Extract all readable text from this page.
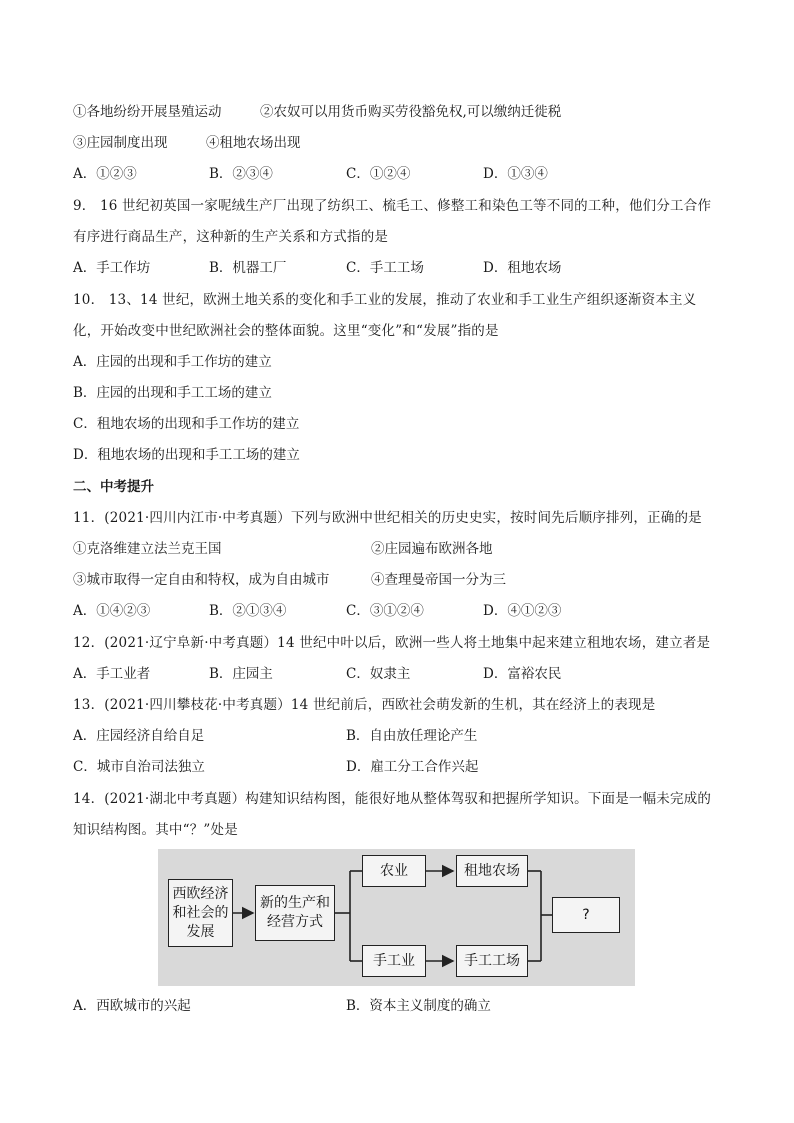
①各地纷纷开展垦殖运动	②农奴可以用货币购买劳役豁免权,可以缴纳迁徙税
③庄园制度出现	④租地农场出现
A．①②③	B．②③④	C．①②④	D．①③④
9． 16 世纪初英国一家呢绒生产厂出现了纺织工、梳毛工、修整工和染色工等不同的工种，他们分工合作
有序进行商品生产，这种新的生产关系和方式指的是
A．手工作坊	B．机器工厂	C．手工工场	D．租地农场
10． 13、14 世纪，欧洲土地关系的变化和手工业的发展，推动了农业和手工业生产组织逐渐资本主义
化，开始改变中世纪欧洲社会的整体面貌。这里“变化”和“发展”指的是
A．庄园的出现和手工作坊的建立
B．庄园的出现和手工工场的建立
C．租地农场的出现和手工作坊的建立
D．租地农场的出现和手工工场的建立
二、中考提升
11．(2021·四川内江市·中考真题）下列与欧洲中世纪相关的历史史实，按时间先后顺序排列，正确的是
①克洛维建立法兰克王国	②庄园遍布欧洲各地
③城市取得一定自由和特权，成为自由城市	④查理曼帝国一分为三
A．①④②③	B．②①③④	C．③①②④	D．④①②③
12．(2021·辽宁阜新·中考真题）14 世纪中叶以后，欧洲一些人将土地集中起来建立租地农场，建立者是
A．手工业者	B．庄园主	C．奴隶主	D．富裕农民
13．(2021·四川攀枝花·中考真题）14 世纪前后，西欧社会萌发新的生机，其在经济上的表现是
A．庄园经济自给自足	B．自由放任理论产生
C．城市自治司法独立	D．雇工分工合作兴起
14．(2021·湖北中考真题）构建知识结构图，能很好地从整体驾驭和把握所学知识。下面是一幅未完成的
知识结构图。其中“？”处是
西欧经济和社会的发展
新的生产和经营方式
农业	租地农场
手工业	手工工场
?
A．西欧城市的兴起	B．资本主义制度的确立
